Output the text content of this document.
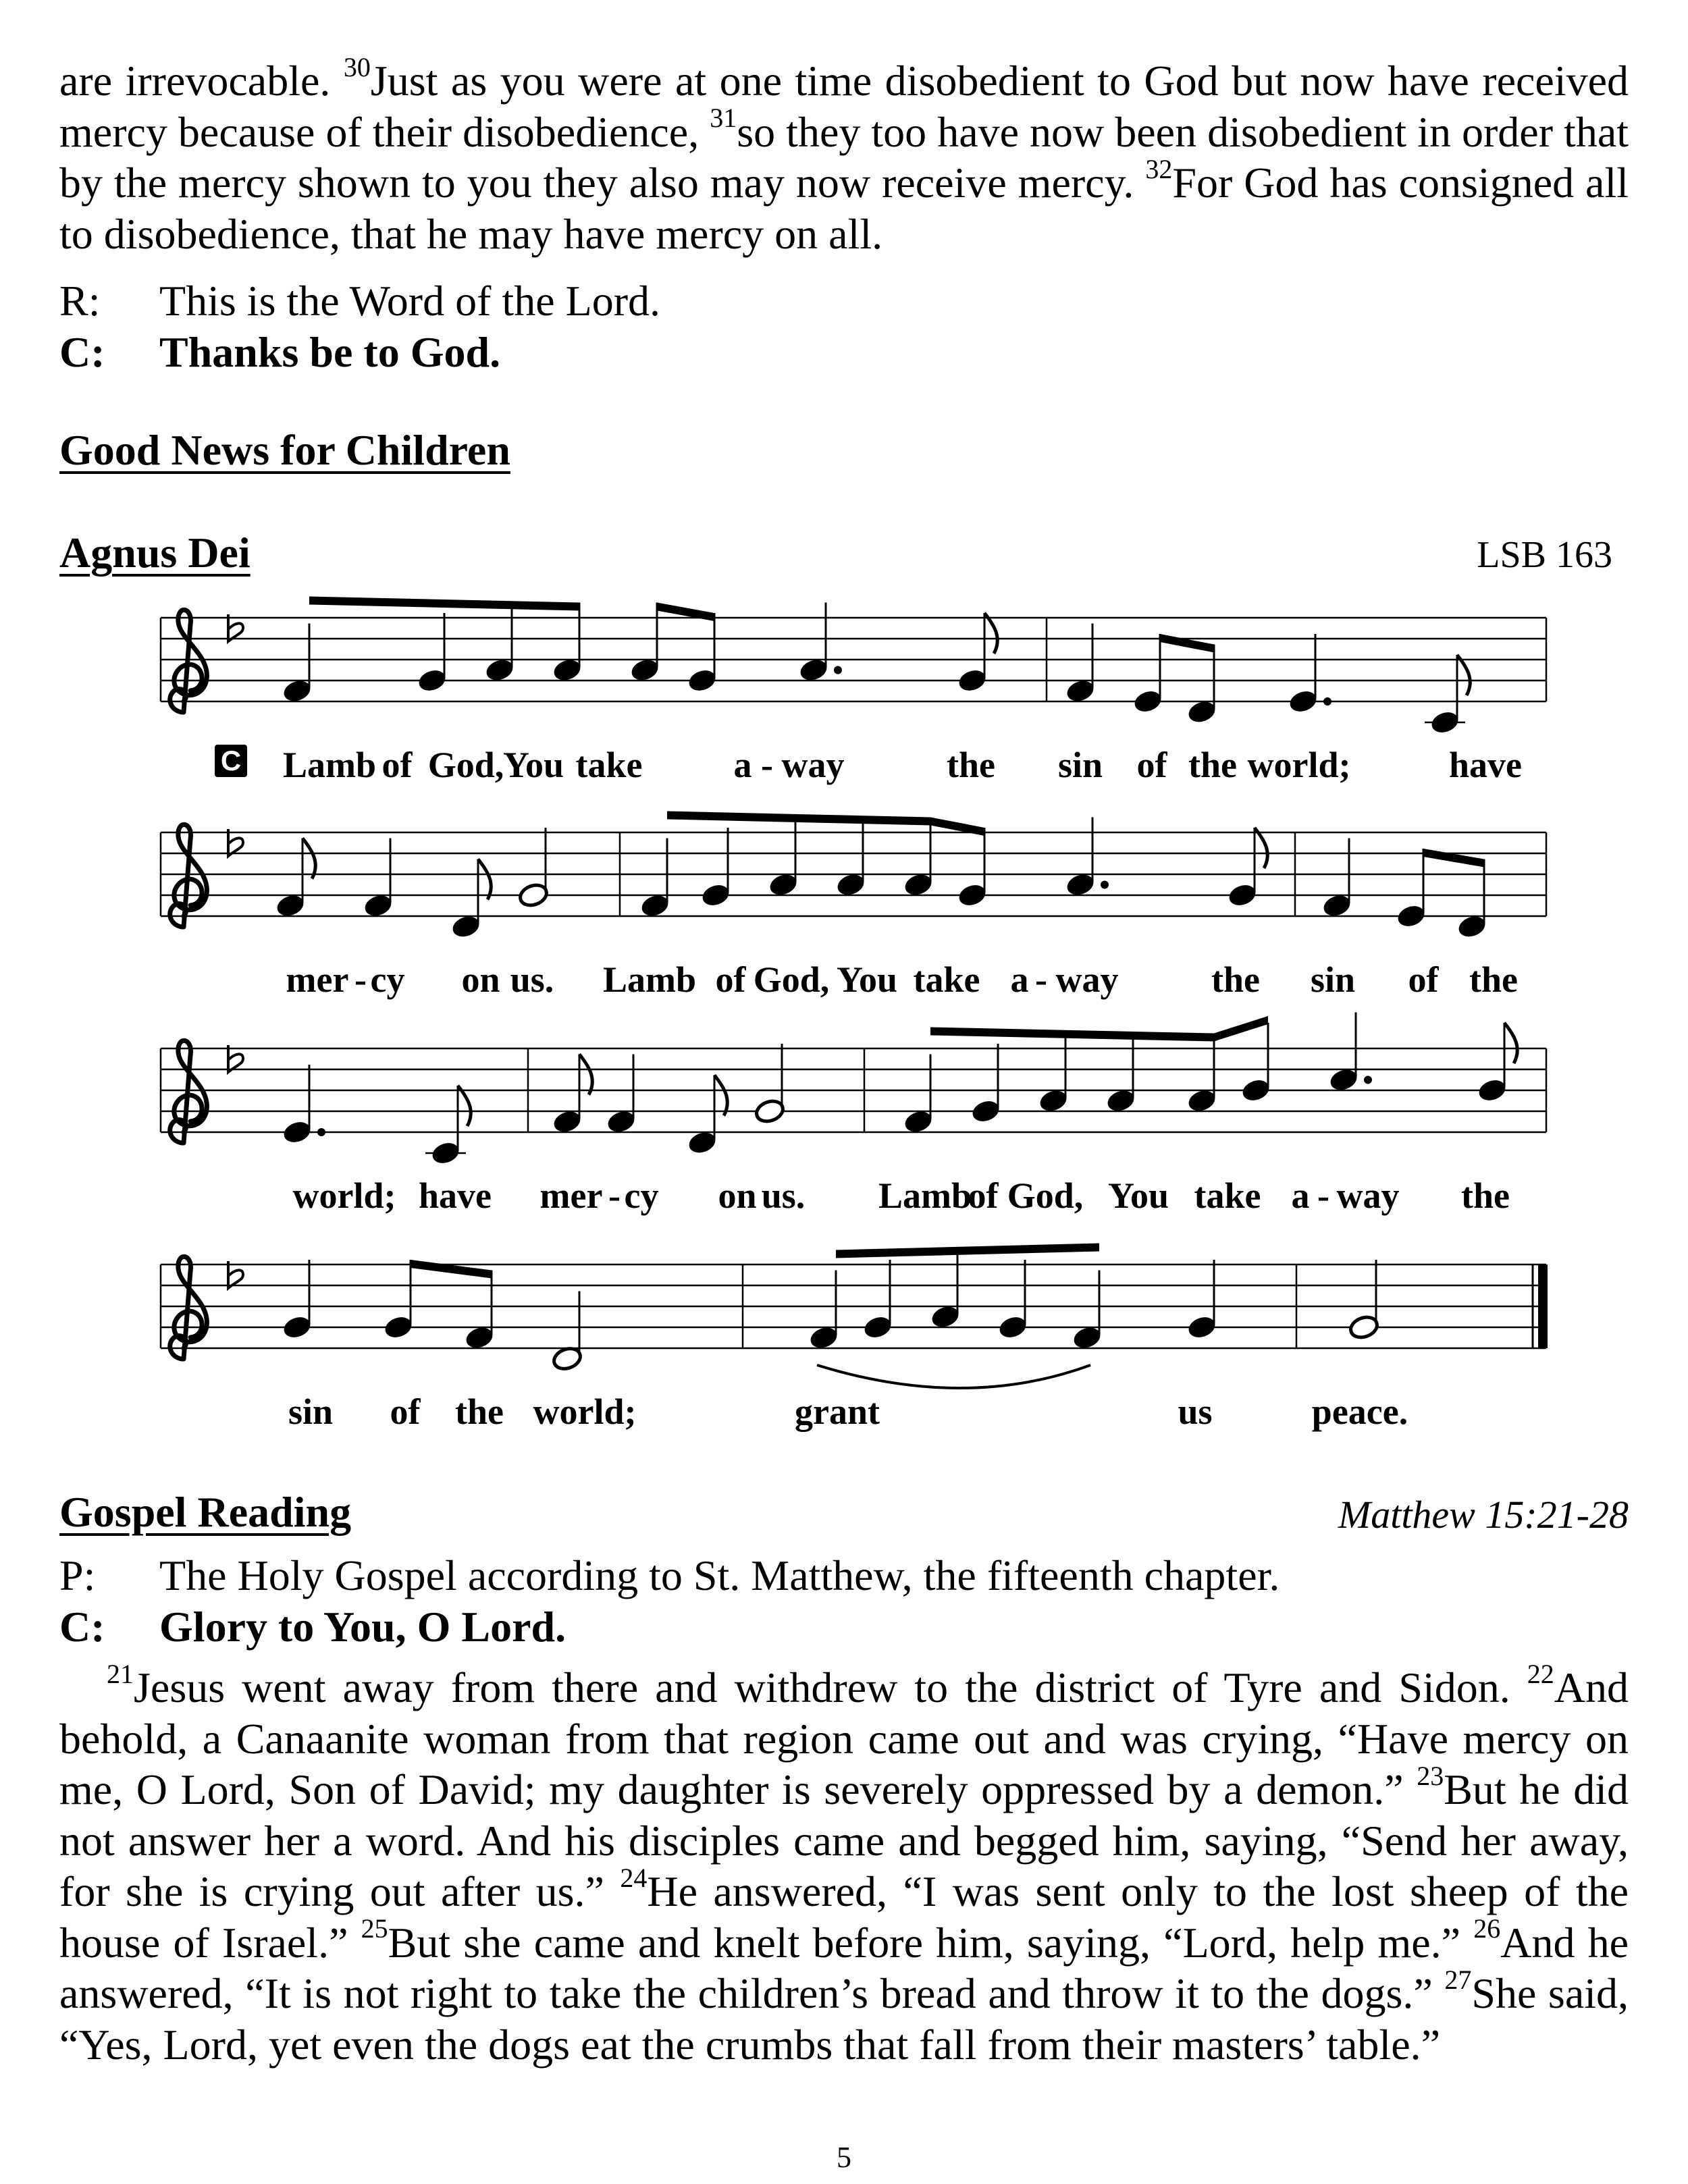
are irrevocable. $^{30}$Just as you were at one time disobedient to God but now have received mercy because of their disobedience, $^{31}$so they too have now been disobedient in order that by the mercy shown to you they also may now receive mercy. $^{32}$For God has consigned all to disobedience, that he may have mercy on all.

R: This is the Word of the Lord.
C: Thanks be to God.
Good News for Children
Agnus Dei	LSB 163
C Lamb of God,
You take	a - way	the sin of the world;	have
mer - cy on us. Lamb of God, You take a - way	the sin of the
world; have mer - cy on us. Lamb
of God, You take a - way the
sin of the world;	grant	us	peace.
Gospel Reading	Matthew 15:21-28
P: The Holy Gospel according to St. Matthew, the fifteenth chapter.
C: Glory to You, O Lord.

$^{21}$Jesus went away from there and withdrew to the district of Tyre and Sidon. $^{22}$And behold, a Canaanite woman from that region came out and was crying, “Have mercy on me, O Lord, Son of David; my daughter is severely oppressed by a demon.” $^{23}$But he did not answer her a word. And his disciples came and begged him, saying, “Send her away, for she is crying out after us.” $^{24}$He answered, “I was sent only to the lost sheep of the house of Israel.” $^{25}$But she came and knelt before him, saying, “Lord, help me.” $^{26}$And he answered, “It is not right to take the children’s bread and throw it to the dogs.” $^{27}$She said, “Yes, Lord, yet even the dogs eat the crumbs that fall from their masters’ table.”

5
